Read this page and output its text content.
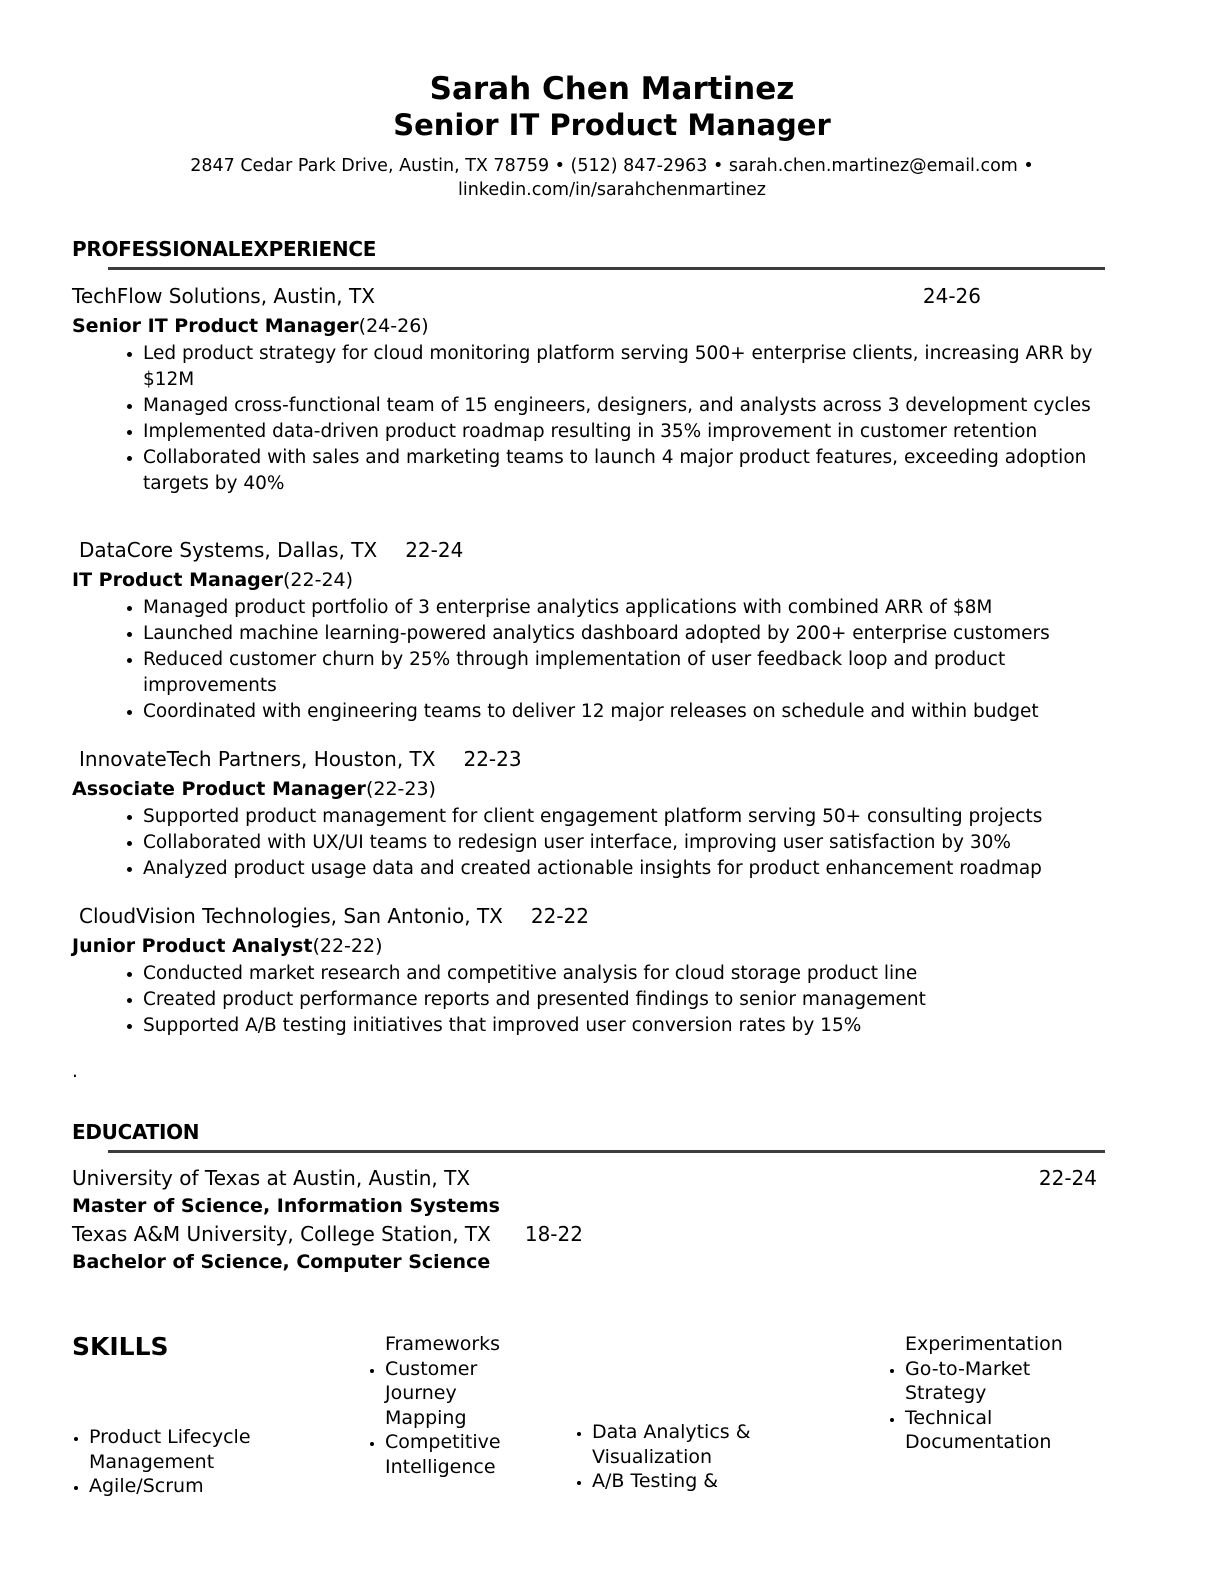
Sarah Chen Martinez
Senior IT Product Manager
2847 Cedar Park Drive, Austin, TX 78759 • (512) 847-2963 • sarah.chen.martinez@email.com •
linkedin.com/in/sarahchenmartinez
PROFESSIONALEXPERIENCE
TechFlow Solutions, Austin, TX	24-26
Senior IT Product Manager(24-26)
• Led product strategy for cloud monitoring platform serving 500+ enterprise clients, increasing ARR by $12M
• Managed cross-functional team of 15 engineers, designers, and analysts across 3 development cycles
• Implemented data-driven product roadmap resulting in 35% improvement in customer retention
• Collaborated with sales and marketing teams to launch 4 major product features, exceeding adoption targets by 40%
DataCore Systems, Dallas, TX 22-24
IT Product Manager(22-24)
• Managed product portfolio of 3 enterprise analytics applications with combined ARR of $8M
• Launched machine learning-powered analytics dashboard adopted by 200+ enterprise customers
• Reduced customer churn by 25% through implementation of user feedback loop and product improvements
• Coordinated with engineering teams to deliver 12 major releases on schedule and within budget
InnovateTech Partners, Houston, TX 22-23
Associate Product Manager(22-23)
• Supported product management for client engagement platform serving 50+ consulting projects
• Collaborated with UX/UI teams to redesign user interface, improving user satisfaction by 30%
• Analyzed product usage data and created actionable insights for product enhancement roadmap
CloudVision Technologies, San Antonio, TX 22-22
Junior Product Analyst(22-22)
• Conducted market research and competitive analysis for cloud storage product line
• Created product performance reports and presented findings to senior management
• Supported A/B testing initiatives that improved user conversion rates by 15%
.
EDUCATION
University of Texas at Austin, Austin, TX	22-24
Master of Science, Information Systems
Texas A&M University, College Station, TX 18-22
Bachelor of Science, Computer Science
SKILLS
• Product Lifecycle Management
• Agile/Scrum
Frameworks
• Customer Journey Mapping
• Competitive Intelligence
• Data Analytics & Visualization
• A/B Testing &
Experimentation
• Go-to-Market Strategy
• Technical Documentation
